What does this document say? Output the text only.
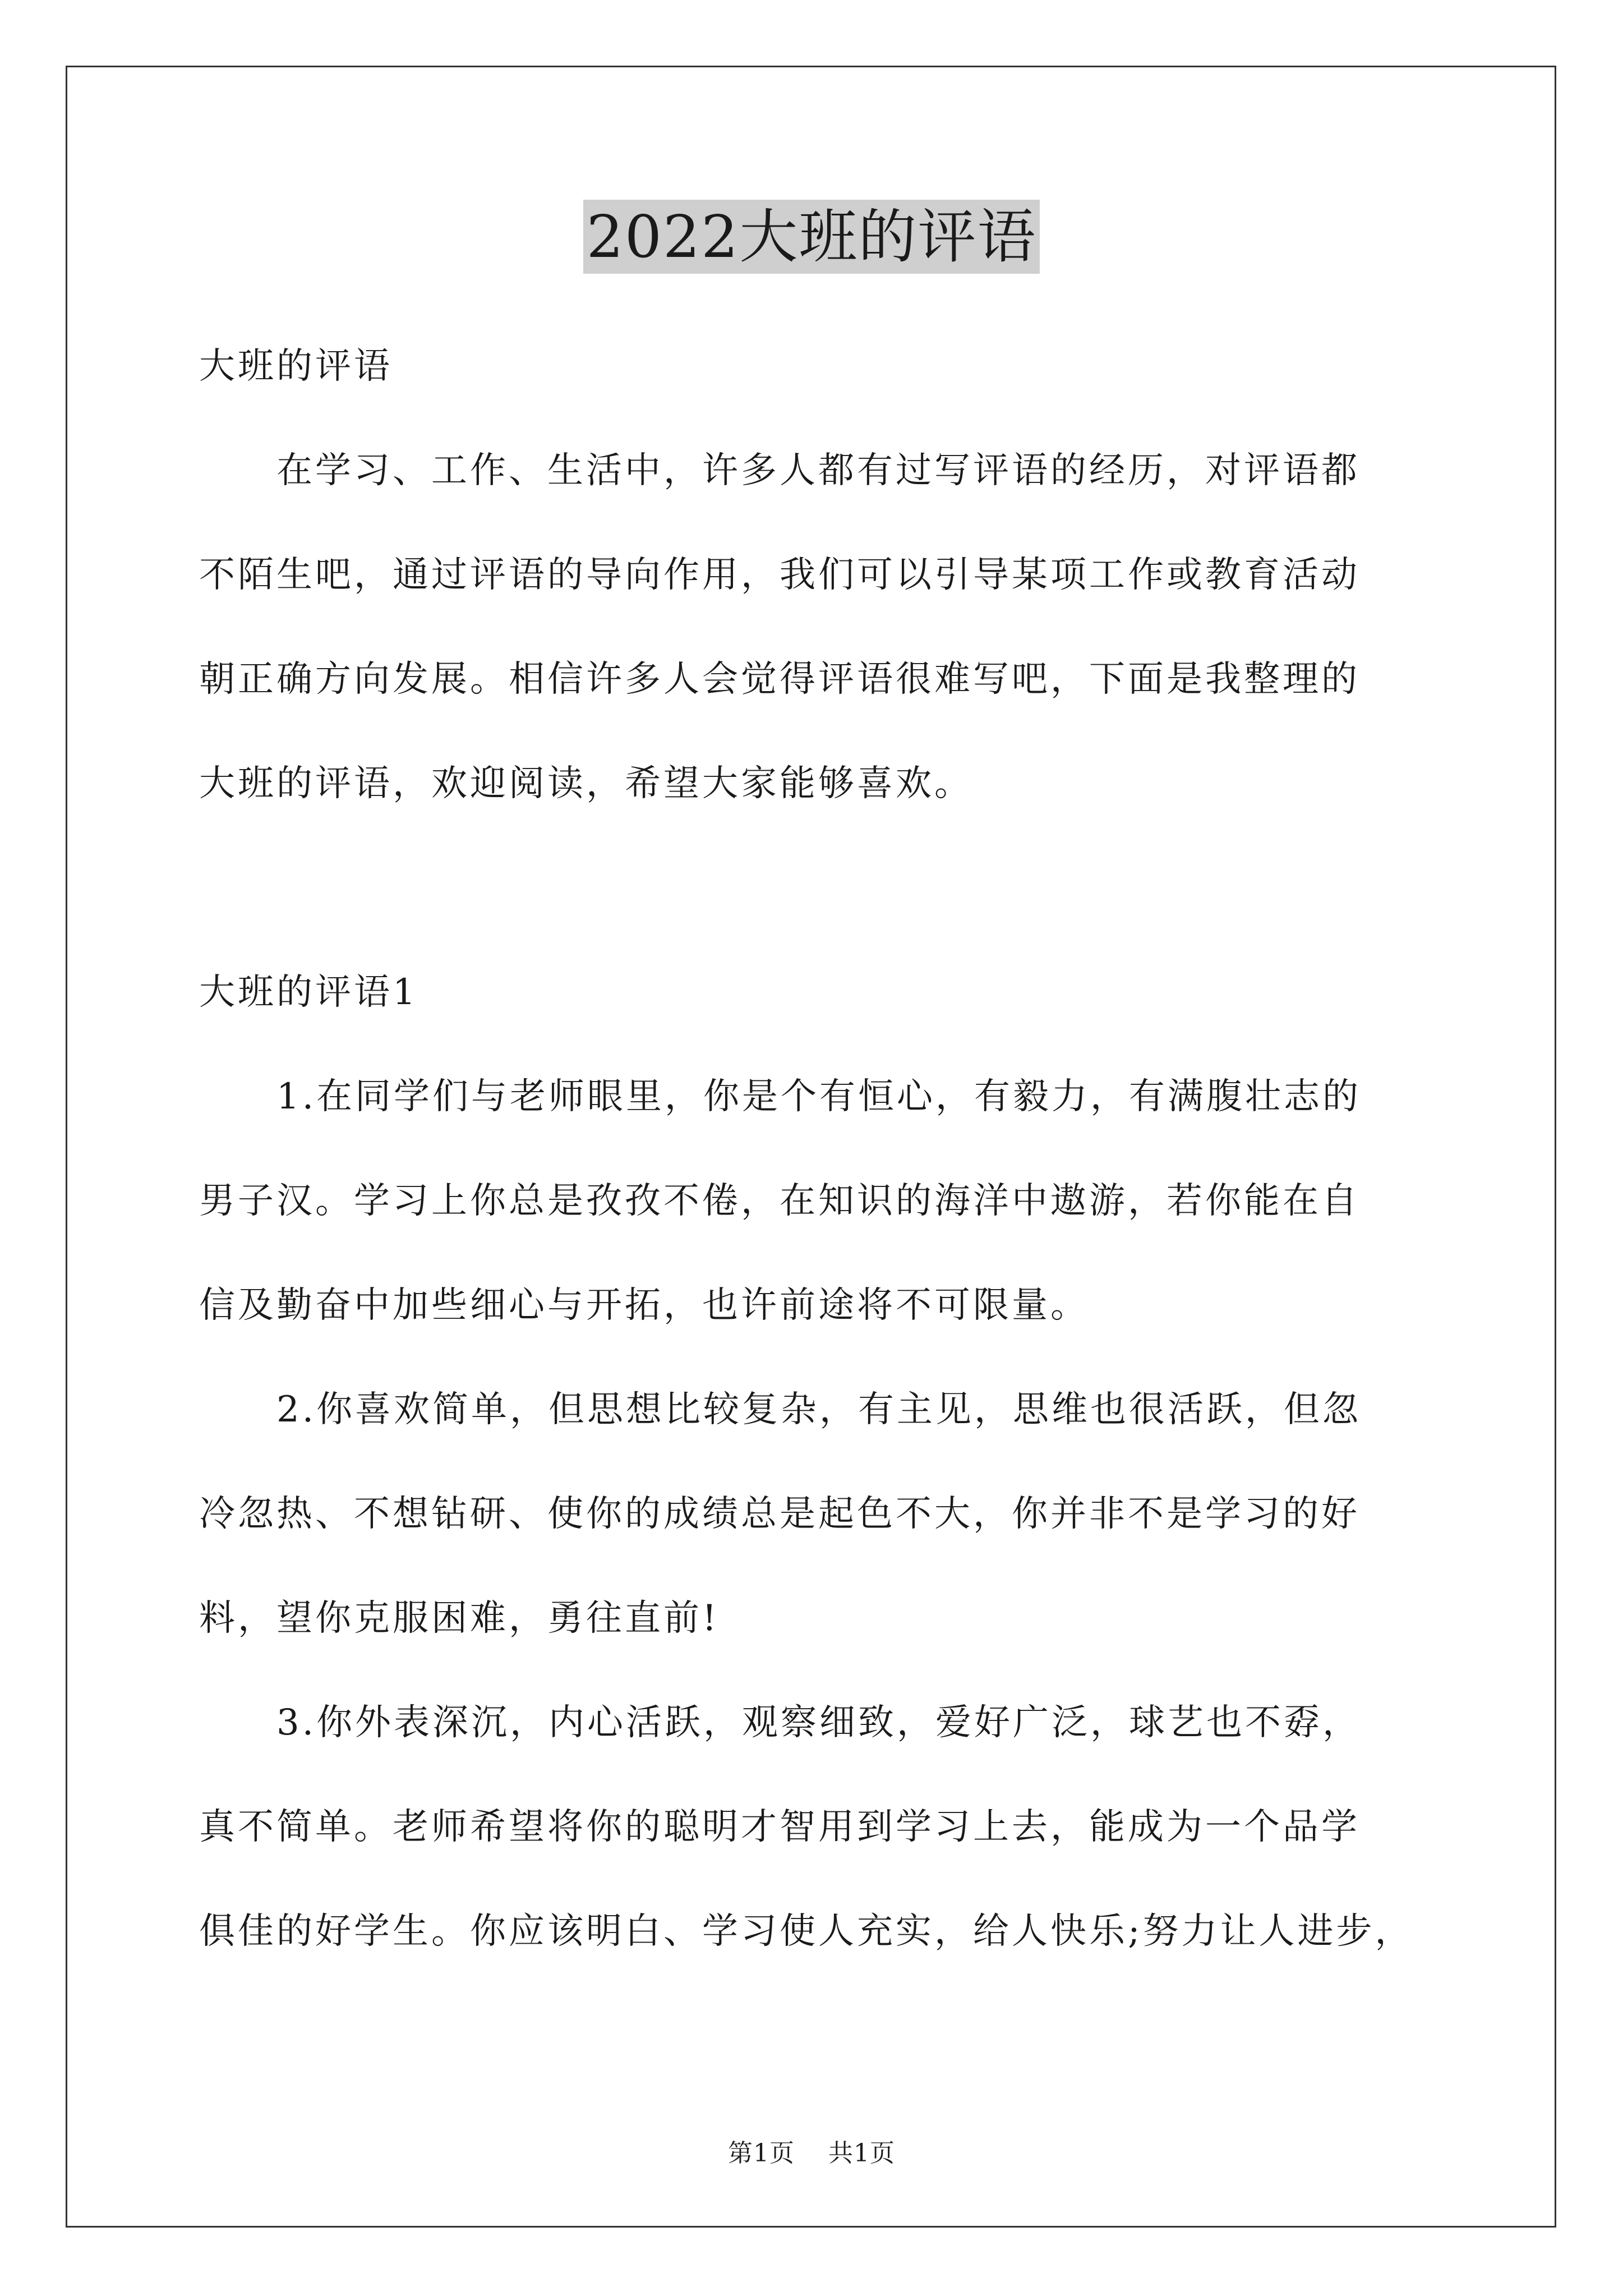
2022大班的评语

大班的评语

在学习、工作、生活中，许多人都有过写评语的经历，对评语都

不陌生吧，通过评语的导向作用，我们可以引导某项工作或教育活动

朝正确方向发展。相信许多人会觉得评语很难写吧，下面是我整理的

大班的评语，欢迎阅读，希望大家能够喜欢。

大班的评语1

1.在同学们与老师眼里，你是个有恒心，有毅力，有满腹壮志的

男子汉。学习上你总是孜孜不倦，在知识的海洋中遨游，若你能在自

信及勤奋中加些细心与开拓，也许前途将不可限量。

2.你喜欢简单，但思想比较复杂，有主见，思维也很活跃，但忽

冷忽热、不想钻研、使你的成绩总是起色不大，你并非不是学习的好

料，望你克服困难，勇往直前!

3.你外表深沉，内心活跃，观察细致，爱好广泛，球艺也不孬，

真不简单。老师希望将你的聪明才智用到学习上去，能成为一个品学

俱佳的好学生。你应该明白、学习使人充实，给人快乐;努力让人进步，

第1页 共1页
